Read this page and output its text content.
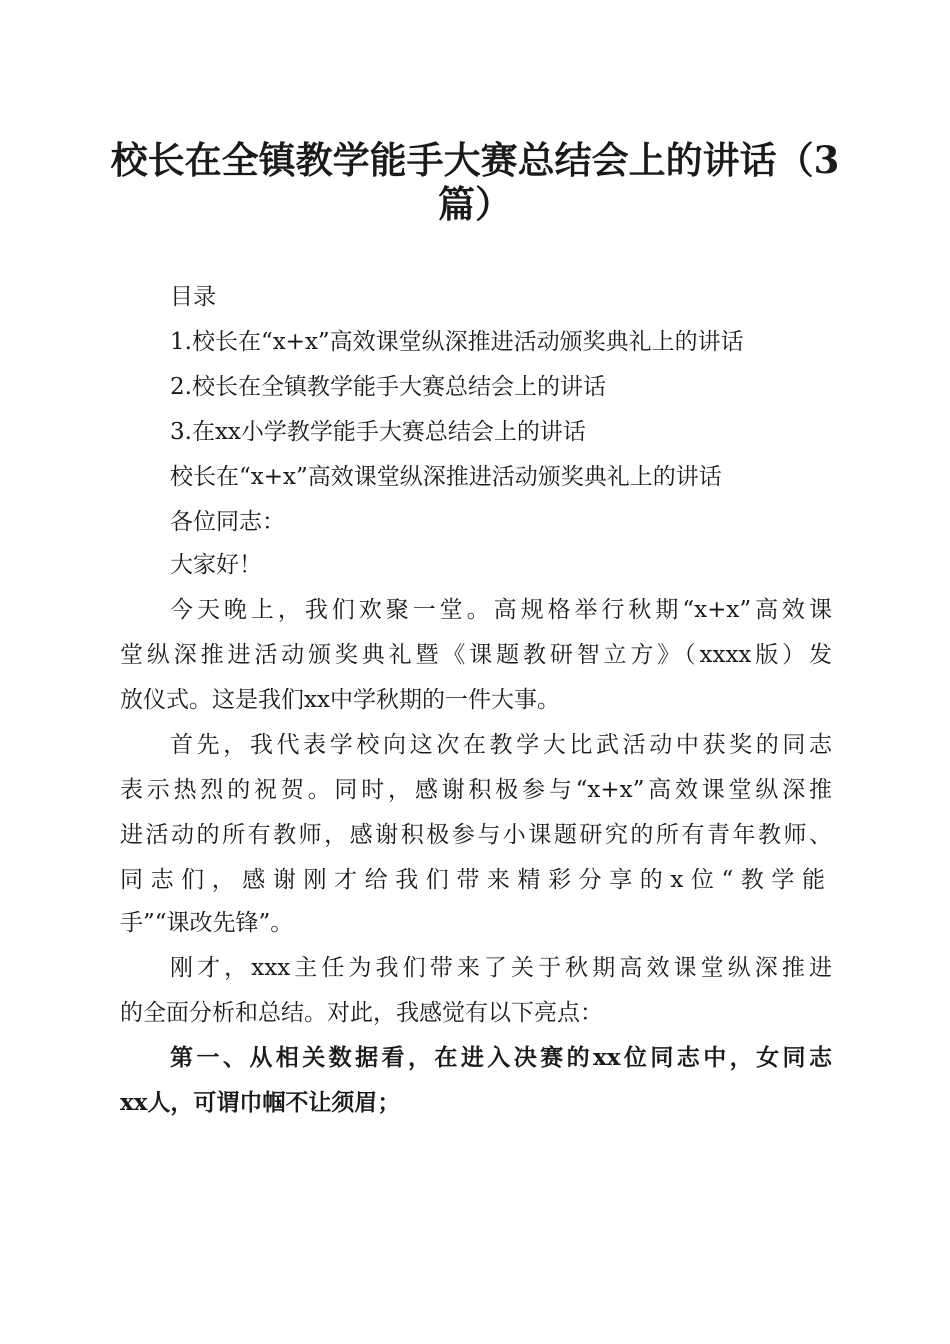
校长在全镇教学能手大赛总结会上的讲话（3
篇）

目录

1.校长在“x+x”高效课堂纵深推进活动颁奖典礼上的讲话

2.校长在全镇教学能手大赛总结会上的讲话

3.在xx小学教学能手大赛总结会上的讲话

校长在“x+x”高效课堂纵深推进活动颁奖典礼上的讲话

各位同志：

大家好！

今天晚上，我们欢聚一堂。高规格举行秋期“x+x”高效课

堂纵深推进活动颁奖典礼暨《课题教研智立方》（xxxx版）发

放仪式。这是我们xx中学秋期的一件大事。

首先，我代表学校向这次在教学大比武活动中获奖的同志

表示热烈的祝贺。同时，感谢积极参与“x+x”高效课堂纵深推

进活动的所有教师，感谢积极参与小课题研究的所有青年教师、

同志们，感谢刚才给我们带来精彩分享的x位“教学能

手”“课改先锋”。

刚才，xxx主任为我们带来了关于秋期高效课堂纵深推进

的全面分析和总结。对此，我感觉有以下亮点：

第一、从相关数据看，在进入决赛的xx位同志中，女同志

xx人，可谓巾帼不让须眉；
